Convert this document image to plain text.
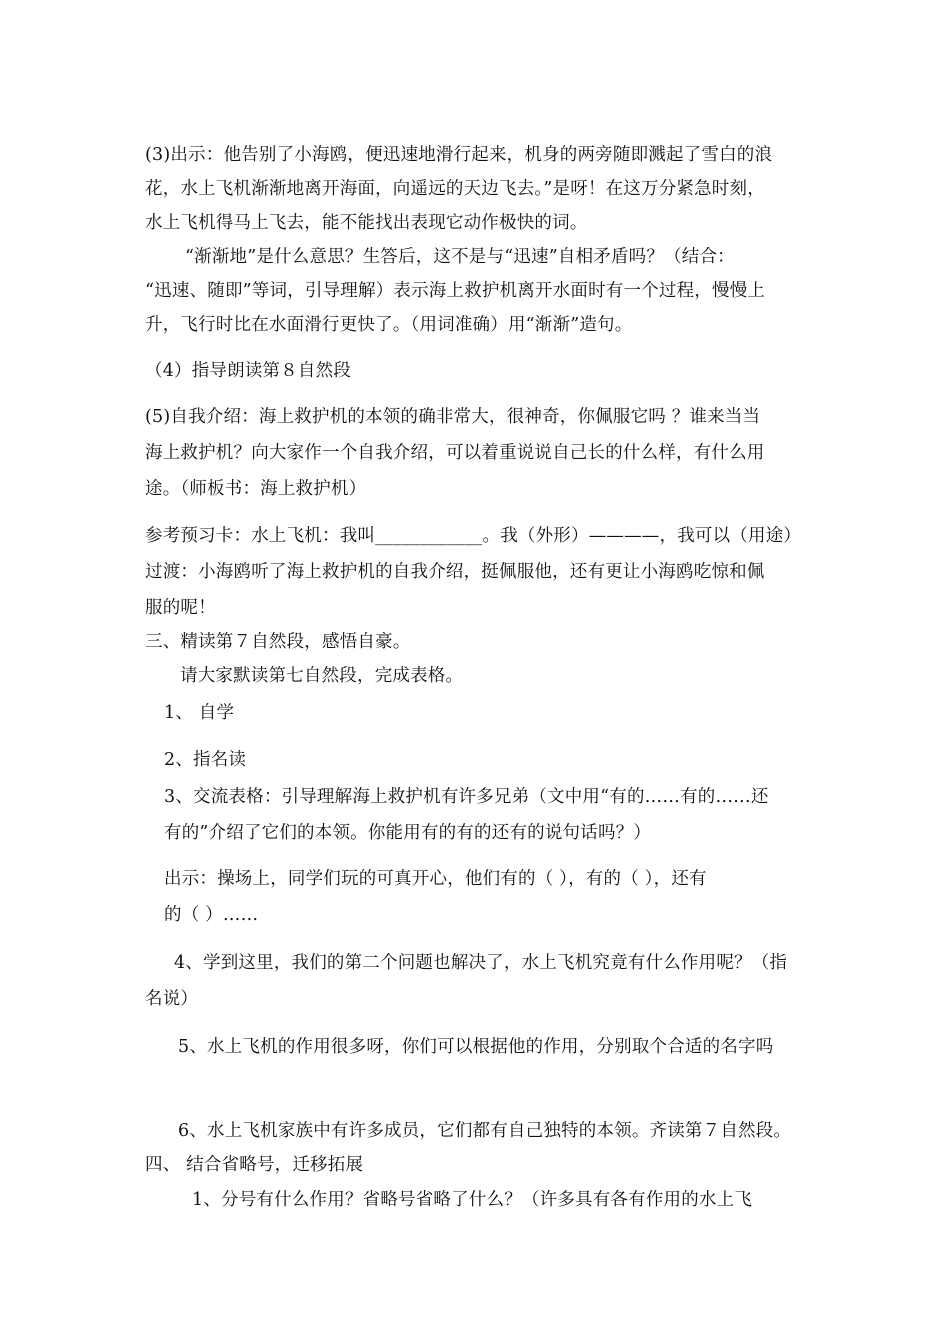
(3)出示：他告别了小海鸥，便迅速地滑行起来，机身的两旁随即溅起了雪白的浪
花，水上飞机渐渐地离开海面，向遥远的天边飞去。”是呀！在这万分紧急时刻，
水上飞机得马上飞去，能不能找出表现它动作极快的词。
“渐渐地”是什么意思？生答后，这不是与“迅速”自相矛盾吗？（结合：
“迅速、随即”等词，引导理解）表示海上救护机离开水面时有一个过程，慢慢上
升，飞行时比在水面滑行更快了。（用词准确）用“渐渐”造句。
（4）指导朗读第８自然段
(5)自我介绍：海上救护机的本领的确非常大，很神奇，你佩服它吗 ？谁来当当
海上救护机？向大家作一个自我介绍，可以着重说说自己长的什么样，有什么用
途。（师板书：海上救护机）
参考预习卡：水上飞机：我叫____________。我（外形）————，我可以（用途）
过渡：小海鸥听了海上救护机的自我介绍，挺佩服他，还有更让小海鸥吃惊和佩
服的呢！
三、精读第７自然段，感悟自豪。
请大家默读第七自然段，完成表格。
1、 自学
2、指名读
3、交流表格：引导理解海上救护机有许多兄弟（文中用“有的……有的……还
有的”介绍了它们的本领。你能用有的有的还有的说句话吗？）
出示：操场上，同学们玩的可真开心，他们有的（ ），有的（ ），还有
的（ ）……
4、学到这里，我们的第二个问题也解决了，水上飞机究竟有什么作用呢？（指
名说）
5、水上飞机的作用很多呀，你们可以根据他的作用，分别取个合适的名字吗
6、水上飞机家族中有许多成员，它们都有自己独特的本领。齐读第７自然段。
四、 结合省略号，迁移拓展
1、分号有什么作用？省略号省略了什么？（许多具有各有作用的水上飞
